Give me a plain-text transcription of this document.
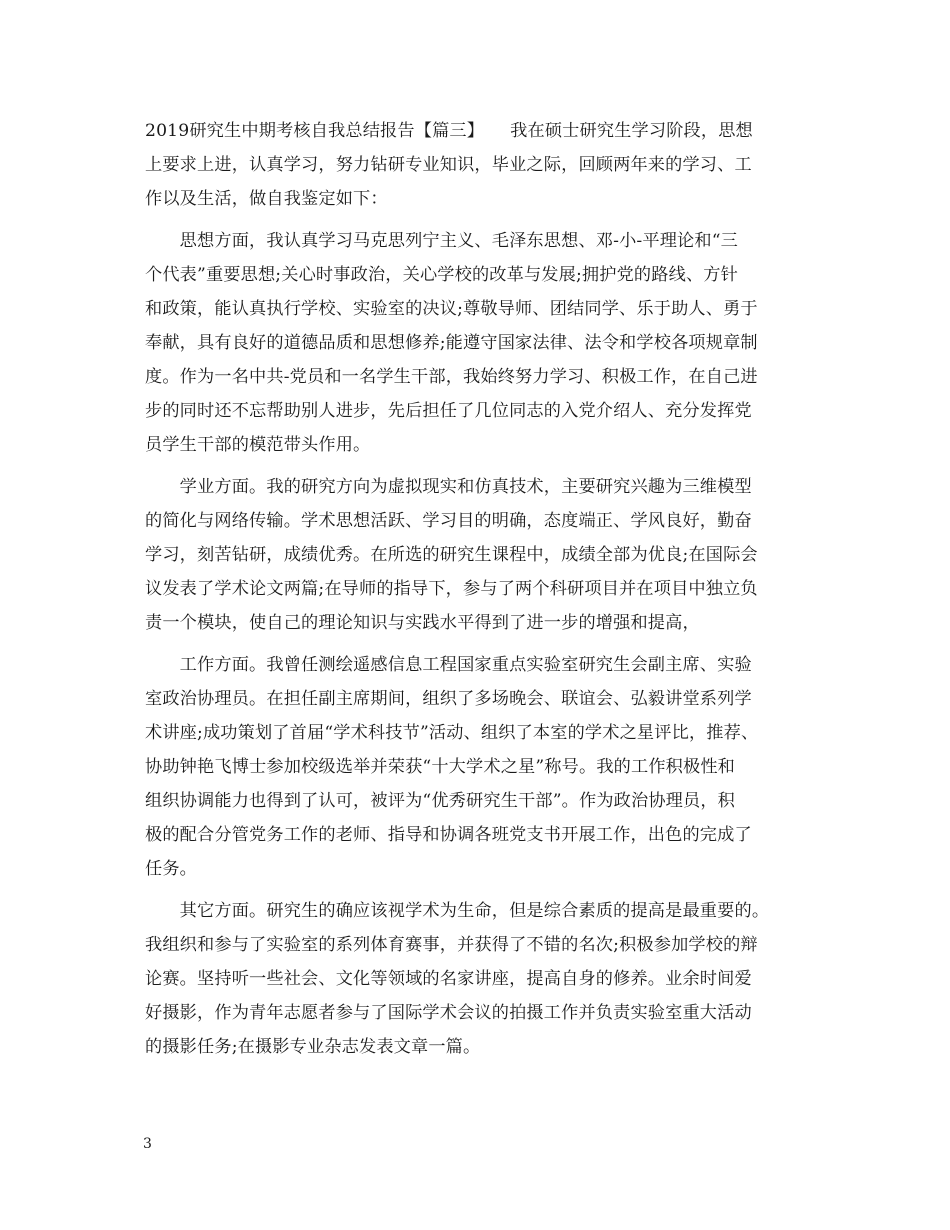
2019研究生中期考核自我总结报告【篇三】　　我在硕士研究生学习阶段，思想
上要求上进，认真学习，努力钻研专业知识，毕业之际，回顾两年来的学习、工
作以及生活，做自我鉴定如下：
　　思想方面，我认真学习马克思列宁主义、毛泽东思想、邓-小-平理论和“三
个代表”重要思想;关心时事政治，关心学校的改革与发展;拥护党的路线、方针
和政策，能认真执行学校、实验室的决议;尊敬导师、团结同学、乐于助人、勇于
奉献，具有良好的道德品质和思想修养;能遵守国家法律、法令和学校各项规章制
度。作为一名中共-党员和一名学生干部，我始终努力学习、积极工作，在自己进
步的同时还不忘帮助别人进步，先后担任了几位同志的入党介绍人、充分发挥党
员学生干部的模范带头作用。
　　学业方面。我的研究方向为虚拟现实和仿真技术，主要研究兴趣为三维模型
的简化与网络传输。学术思想活跃、学习目的明确，态度端正、学风良好，勤奋
学习，刻苦钻研，成绩优秀。在所选的研究生课程中，成绩全部为优良;在国际会
议发表了学术论文两篇;在导师的指导下，参与了两个科研项目并在项目中独立负
责一个模块，使自己的理论知识与实践水平得到了进一步的增强和提高，
　　工作方面。我曾任测绘遥感信息工程国家重点实验室研究生会副主席、实验
室政治协理员。在担任副主席期间，组织了多场晚会、联谊会、弘毅讲堂系列学
术讲座;成功策划了首届“学术科技节”活动、组织了本室的学术之星评比，推荐、
协助钟艳飞博士参加校级选举并荣获“十大学术之星”称号。我的工作积极性和
组织协调能力也得到了认可，被评为“优秀研究生干部”。作为政治协理员，积
极的配合分管党务工作的老师、指导和协调各班党支书开展工作，出色的完成了
任务。
　　其它方面。研究生的确应该视学术为生命，但是综合素质的提高是最重要的。
我组织和参与了实验室的系列体育赛事，并获得了不错的名次;积极参加学校的辩
论赛。坚持听一些社会、文化等领域的名家讲座，提高自身的修养。业余时间爱
好摄影，作为青年志愿者参与了国际学术会议的拍摄工作并负责实验室重大活动
的摄影任务;在摄影专业杂志发表文章一篇。
3
